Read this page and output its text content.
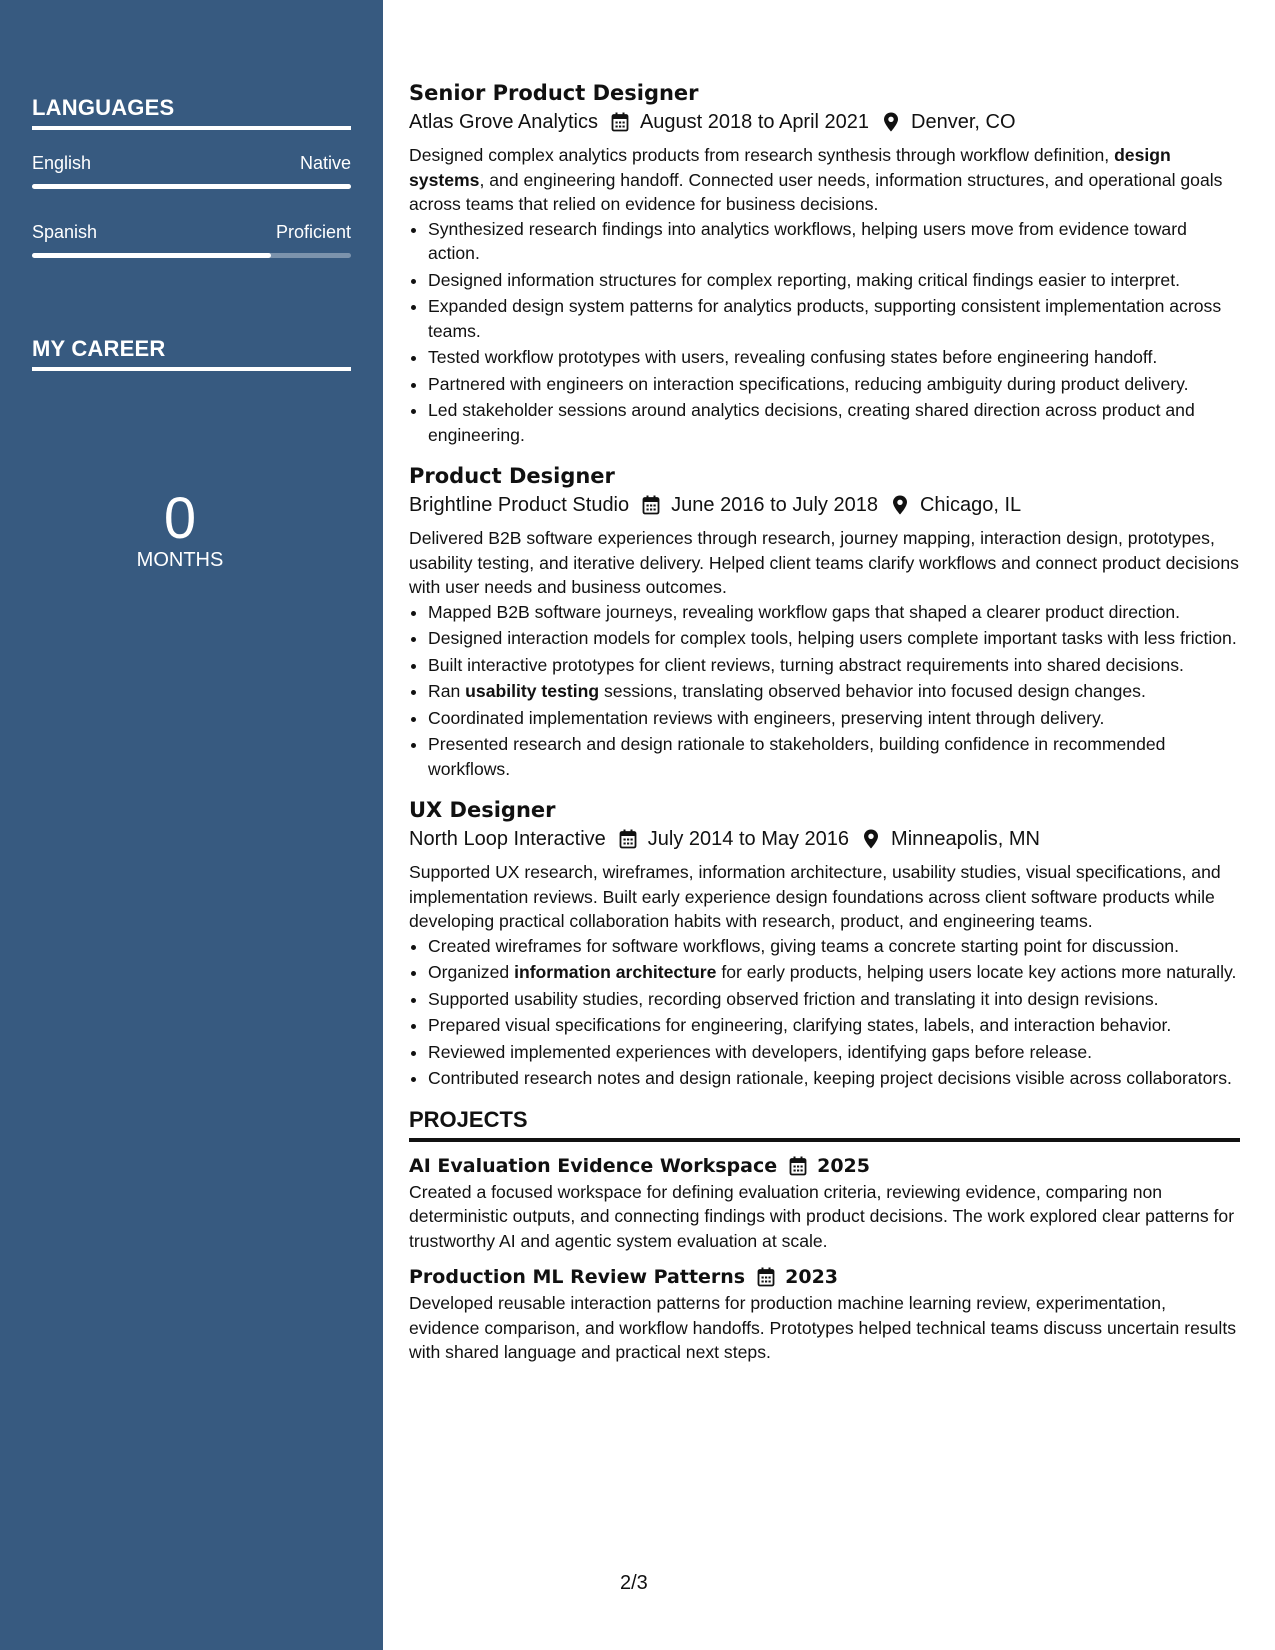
LANGUAGES
English	Native
Spanish	Proficient
MY CAREER
0
MONTHS
Senior Product Designer
Atlas Grove Analytics August 2018 to April 2021 Denver, CO

Designed complex analytics products from research synthesis through workflow definition, design systems, and engineering handoff. Connected user needs, information structures, and operational goals across teams that relied on evidence for business decisions.

• Synthesized research findings into analytics workflows, helping users move from evidence toward action.
• Designed information structures for complex reporting, making critical findings easier to interpret.
• Expanded design system patterns for analytics products, supporting consistent implementation across teams.
• Tested workflow prototypes with users, revealing confusing states before engineering handoff.
• Partnered with engineers on interaction specifications, reducing ambiguity during product delivery.
• Led stakeholder sessions around analytics decisions, creating shared direction across product and engineering.
Product Designer
Brightline Product Studio June 2016 to July 2018 Chicago, IL

Delivered B2B software experiences through research, journey mapping, interaction design, prototypes, usability testing, and iterative delivery. Helped client teams clarify workflows and connect product decisions with user needs and business outcomes.

• Mapped B2B software journeys, revealing workflow gaps that shaped a clearer product direction.
• Designed interaction models for complex tools, helping users complete important tasks with less friction.
• Built interactive prototypes for client reviews, turning abstract requirements into shared decisions.
• Ran usability testing sessions, translating observed behavior into focused design changes.
• Coordinated implementation reviews with engineers, preserving intent through delivery.
• Presented research and design rationale to stakeholders, building confidence in recommended workflows.
UX Designer
North Loop Interactive July 2014 to May 2016 Minneapolis, MN

Supported UX research, wireframes, information architecture, usability studies, visual specifications, and implementation reviews. Built early experience design foundations across client software products while developing practical collaboration habits with research, product, and engineering teams.

• Created wireframes for software workflows, giving teams a concrete starting point for discussion.
• Organized information architecture for early products, helping users locate key actions more naturally.
• Supported usability studies, recording observed friction and translating it into design revisions.
• Prepared visual specifications for engineering, clarifying states, labels, and interaction behavior.
• Reviewed implemented experiences with developers, identifying gaps before release.
• Contributed research notes and design rationale, keeping project decisions visible across collaborators.
PROJECTS
AI Evaluation Evidence Workspace 2025

Created a focused workspace for defining evaluation criteria, reviewing evidence, comparing non deterministic outputs, and connecting findings with product decisions. The work explored clear patterns for trustworthy AI and agentic system evaluation at scale.

Production ML Review Patterns 2023

Developed reusable interaction patterns for production machine learning review, experimentation, evidence comparison, and workflow handoffs. Prototypes helped technical teams discuss uncertain results with shared language and practical next steps.

2/3
